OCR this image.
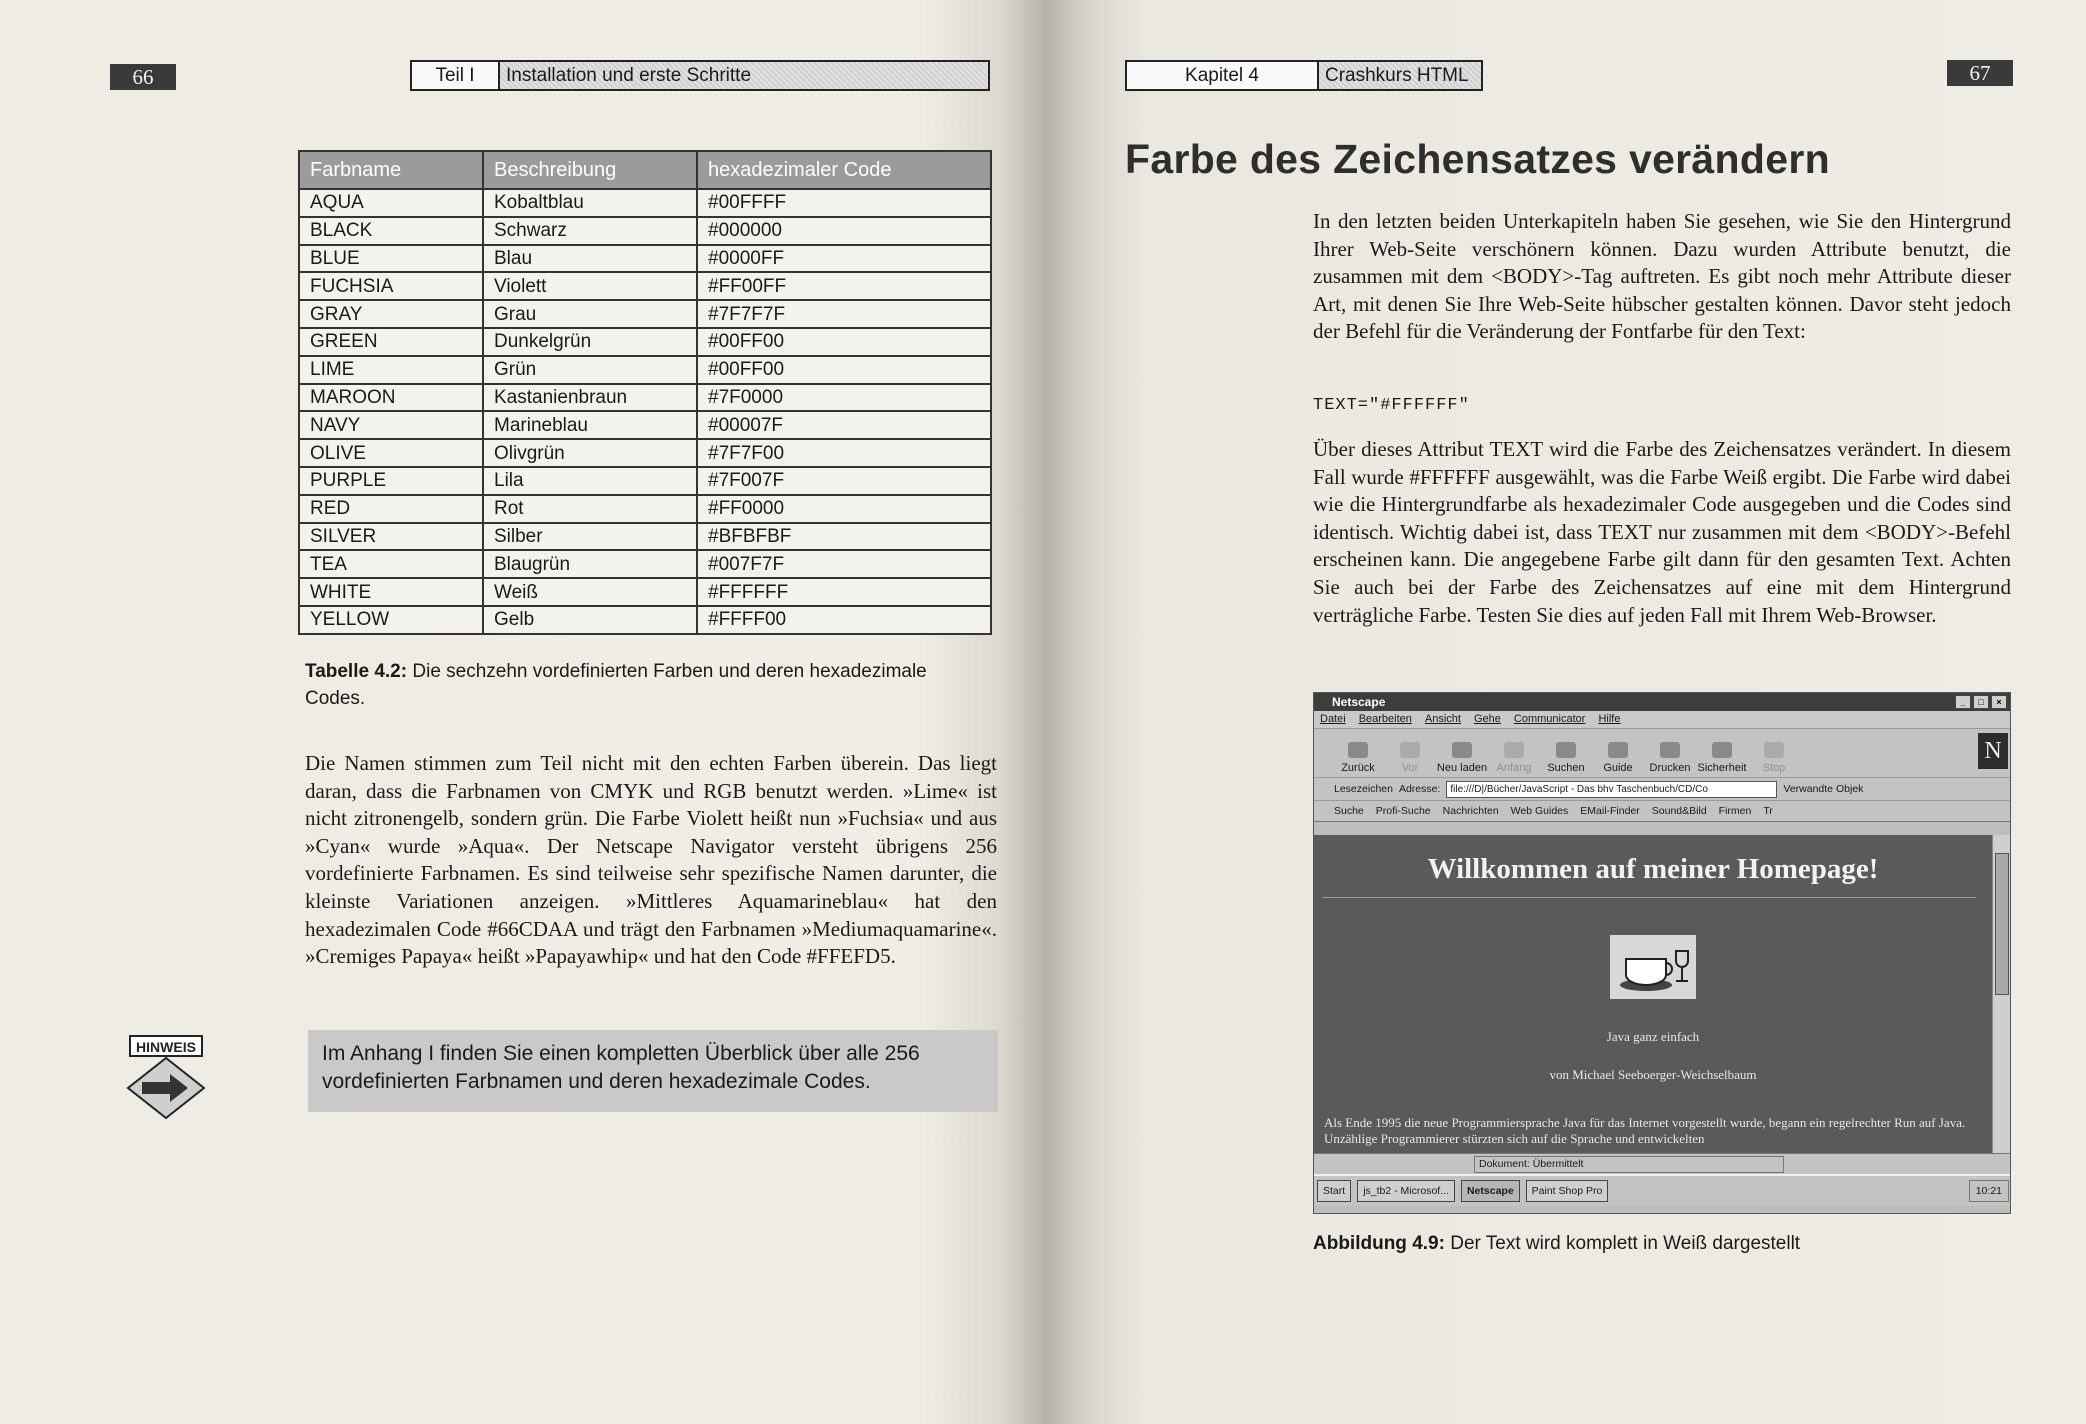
66	Teil I	Installation und erste Schritte
Farbname	Beschreibung	hexadezimaler Code
AQUA	Kobaltblau	#00FFFF
BLACK	Schwarz	#000000
BLUE	Blau	#0000FF
FUCHSIA	Violett	#FF00FF
GRAY	Grau	#7F7F7F
GREEN	Dunkelgrün	#00FF00
LIME	Grün	#00FF00
MAROON	Kastanienbraun	#7F0000
NAVY	Marineblau	#00007F
OLIVE	Olivgrün	#7F7F00
PURPLE	Lila	#7F007F
RED	Rot	#FF0000
SILVER	Silber	#BFBFBF
TEA	Blaugrün	#007F7F
WHITE	Weiß	#FFFFFF
YELLOW	Gelb	#FFFF00
Tabelle 4.2: Die sechzehn vordefinierten Farben und deren hexadezimale Codes.
Die Namen stimmen zum Teil nicht mit den echten Farben überein. Das liegt daran, dass die Farbnamen von CMYK und RGB benutzt werden. »Lime« ist nicht zitronengelb, sondern grün. Die Farbe Violett heißt nun »Fuchsia« und aus »Cyan« wurde »Aqua«. Der Netscape Navigator versteht übrigens 256 vordefinierte Farbnamen. Es sind teilweise sehr spezifische Namen darunter, die kleinste Variationen anzeigen. »Mittleres Aquamarineblau« hat den hexadezimalen Code #66CDAA und trägt den Farbnamen »Mediumaquamarine«. »Cremiges Papaya« heißt »Papayawhip« und hat den Code #FFEFD5.
HINWEIS	Im Anhang I finden Sie einen kompletten Überblick über alle 256 vordefinierten Farbnamen und deren hexadezimale Codes.
Kapitel 4	Crashkurs HTML	67
Farbe des Zeichensatzes verändern
In den letzten beiden Unterkapiteln haben Sie gesehen, wie Sie den Hintergrund Ihrer Web-Seite verschönern können. Dazu wurden Attribute benutzt, die zusammen mit dem <BODY>-Tag auftreten. Es gibt noch mehr Attribute dieser Art, mit denen Sie Ihre Web-Seite hübscher gestalten können. Davor steht jedoch der Befehl für die Veränderung der Fontfarbe für den Text:
TEXT="#FFFFFF"
Über dieses Attribut TEXT wird die Farbe des Zeichensatzes verändert. In diesem Fall wurde #FFFFFF ausgewählt, was die Farbe Weiß ergibt. Die Farbe wird dabei wie die Hintergrundfarbe als hexadezimaler Code ausgegeben und die Codes sind identisch. Wichtig dabei ist, dass TEXT nur zusammen mit dem <BODY>-Befehl erscheinen kann. Die angegebene Farbe gilt dann für den gesamten Text. Achten Sie auch bei der Farbe des Zeichensatzes auf eine mit dem Hintergrund verträgliche Farbe. Testen Sie dies auf jeden Fall mit Ihrem Web-Browser.
Netscape	_	□	×
Datei Bearbeiten Ansicht Gehe Communicator Hilfe
Zurück	Vor	Neu laden Anfang	Suchen	Guide	Drucken Sicherheit	Stop
N
Lesezeichen Adresse:	file:///D|/Bücher/JavaScript - Das bhv Taschenbuch/CD/Co	Verwandte Objek
Suche Profi-Suche Nachrichten Web Guides EMail-Finder Sound&Bild Firmen Tr
Willkommen auf meiner Homepage!
Java ganz einfach
von Michael Seeboerger-Weichselbaum
Als Ende 1995 die neue Programmiersprache Java für das Internet vorgestellt wurde, begann ein regelrechter Run auf Java. Unzählige Programmierer stürzten sich auf die Sprache und entwickelten
Dokument: Übermittelt
Start	js_tb2 - Microsof...	Netscape	Paint Shop Pro	10:21
Abbildung 4.9: Der Text wird komplett in Weiß dargestellt
